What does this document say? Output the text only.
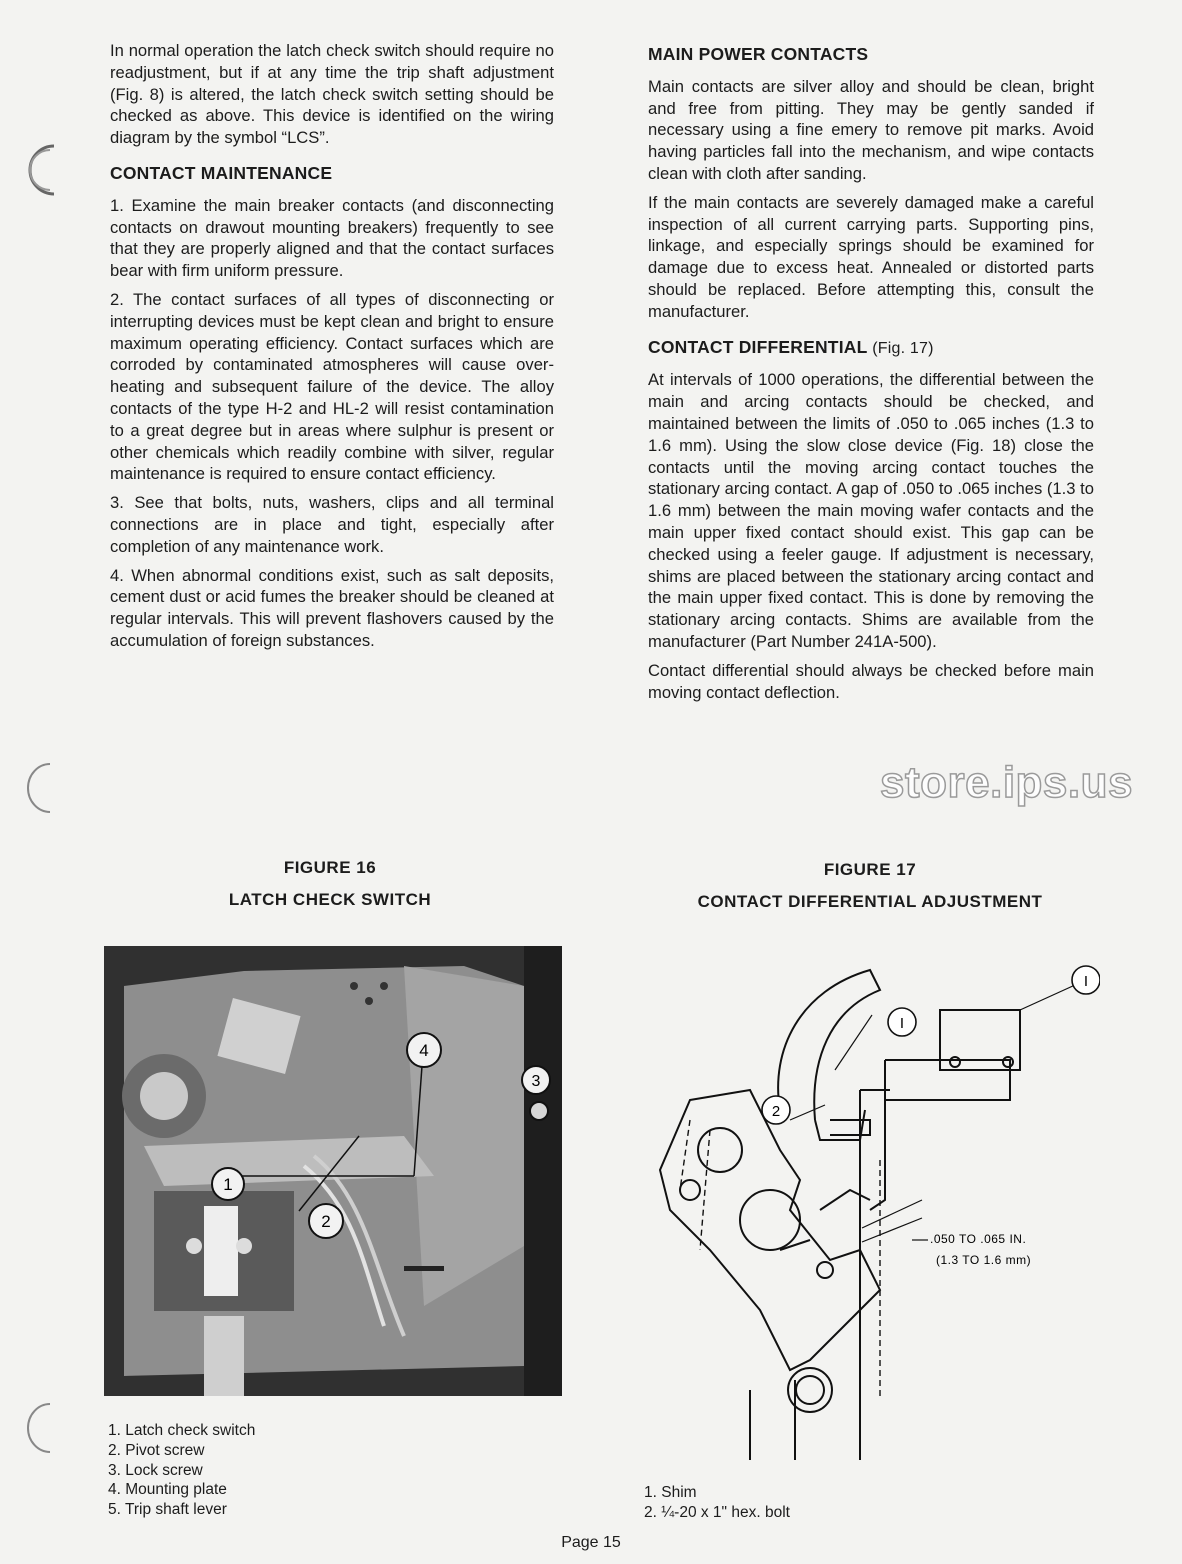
In normal operation the latch check switch should require no readjustment, but if at any time the trip shaft adjustment (Fig. 8) is altered, the latch check switch setting should be checked as above. This device is identified on the wiring diagram by the symbol “LCS”.

CONTACT MAINTENANCE

1. Examine the main breaker contacts (and disconnecting contacts on drawout mounting breakers) frequently to see that they are properly aligned and that the contact surfaces bear with firm uniform pressure.

2. The contact surfaces of all types of disconnecting or interrupting devices must be kept clean and bright to ensure maximum operating efficiency. Contact surfaces which are corroded by contaminated atmospheres will cause over-heating and subsequent failure of the device. The alloy contacts of the type H-2 and HL-2 will resist contamination to a great degree but in areas where sulphur is present or other chemicals which readily combine with silver, regular maintenance is required to ensure contact efficiency.

3. See that bolts, nuts, washers, clips and all terminal connections are in place and tight, especially after completion of any maintenance work.

4. When abnormal conditions exist, such as salt deposits, cement dust or acid fumes the breaker should be cleaned at regular intervals. This will prevent flashovers caused by the accumulation of foreign substances.

MAIN POWER CONTACTS

Main contacts are silver alloy and should be clean, bright and free from pitting. They may be gently sanded if necessary using a fine emery to remove pit marks. Avoid having particles fall into the mechanism, and wipe contacts clean with cloth after sanding.

If the main contacts are severely damaged make a careful inspection of all current carrying parts. Supporting pins, linkage, and especially springs should be examined for damage due to excess heat. Annealed or distorted parts should be replaced. Before attempting this, consult the manufacturer.

CONTACT DIFFERENTIAL (Fig. 17)

At intervals of 1000 operations, the differential between the main and arcing contacts should be checked, and maintained between the limits of .050 to .065 inches (1.3 to 1.6 mm). Using the slow close device (Fig. 18) close the contacts until the moving arcing contact touches the stationary arcing contact. A gap of .050 to .065 inches (1.3 to 1.6 mm) between the main moving wafer contacts and the main upper fixed contact should exist. This gap can be checked using a feeler gauge. If adjustment is necessary, shims are placed between the stationary arcing contact and the main upper fixed contact. This is done by removing the stationary arcing contacts. Shims are available from the manufacturer (Part Number 241A-500).

Contact differential should always be checked before main moving contact deflection.

store.ips.us
FIGURE 16
LATCH CHECK SWITCH
FIGURE 17
CONTACT DIFFERENTIAL ADJUSTMENT
1
2
3
4
1. Latch check switch
2. Pivot screw
3. Lock screw
4. Mounting plate
5. Trip shaft lever
I
I
2
.050 TO .065 IN.
(1.3 TO 1.6 mm)
1. Shim
2. ¼-20 x 1" hex. bolt
Page 15
